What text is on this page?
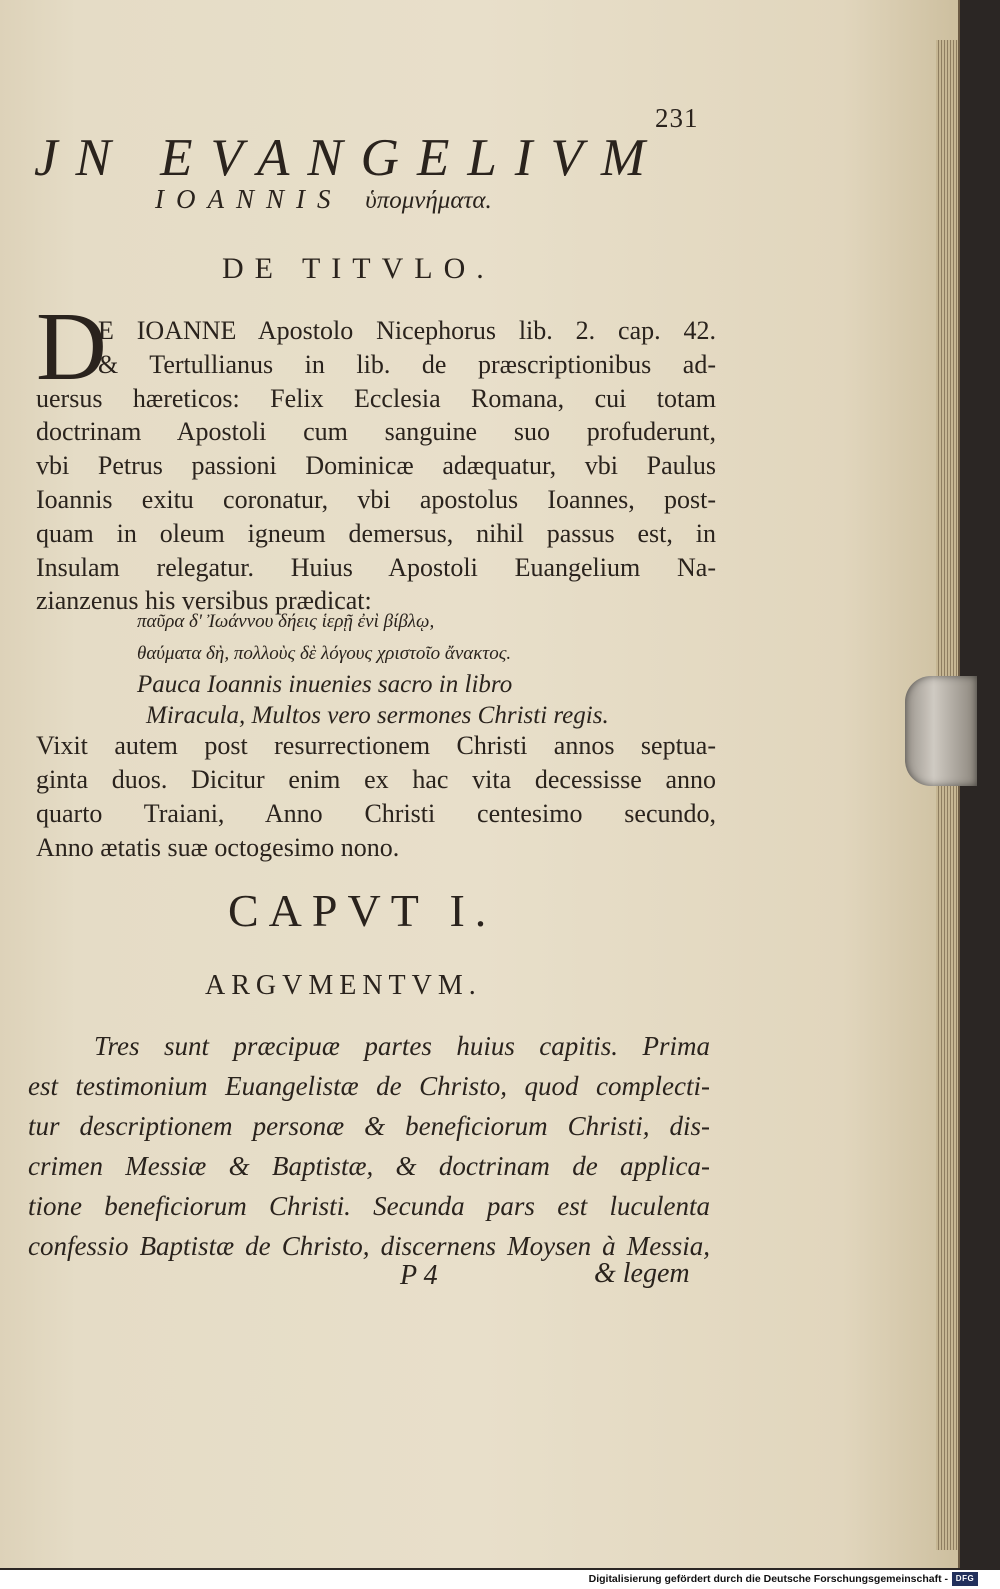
231
JN EVANGELIVM
IOANNIS ὑπομνήματα.
DE TITVLO.
D
E IOANNE Apostolo Nicephorus lib. 2. cap. 42.
& Tertullianus in lib. de præscriptionibus ad-
uersus hæreticos: Felix Ecclesia Romana, cui totam
doctrinam Apostoli cum sanguine suo profuderunt,
vbi Petrus passioni Dominicæ adæquatur, vbi Paulus
Ioannis exitu coronatur, vbi apostolus Ioannes, post-
quam in oleum igneum demersus, nihil passus est, in
Insulam relegatur. Huius Apostoli Euangelium Na-
zianzenus his versibus prædicat:
παῦρα δ' Ἰωάννου δήεις ἱερῇ ἐνὶ βίβλῳ,
θαύματα δὴ, πολλοὺς δὲ λόγους χριστοῖο ἄνακτος.
Pauca Ioannis inuenies sacro in libro
Miracula, Multos vero sermones Christi regis.
Vixit autem post resurrectionem Christi annos septua-
ginta duos. Dicitur enim ex hac vita decessisse anno
quarto Traiani, Anno Christi centesimo secundo,
Anno ætatis suæ octogesimo nono.
CAPVT I.
ARGVMENTVM.
Tres sunt præcipuæ partes huius capitis. Prima
est testimonium Euangelistæ de Christo, quod complecti-
tur descriptionem personæ & beneficiorum Christi, dis-
crimen Messiæ & Baptistæ, & doctrinam de applica-
tione beneficiorum Christi. Secunda pars est luculenta
confessio Baptistæ de Christo, discernens Moysen à Messia,
P 4	& legem
Digitalisierung gefördert durch die Deutsche Forschungsgemeinschaft - DFG
